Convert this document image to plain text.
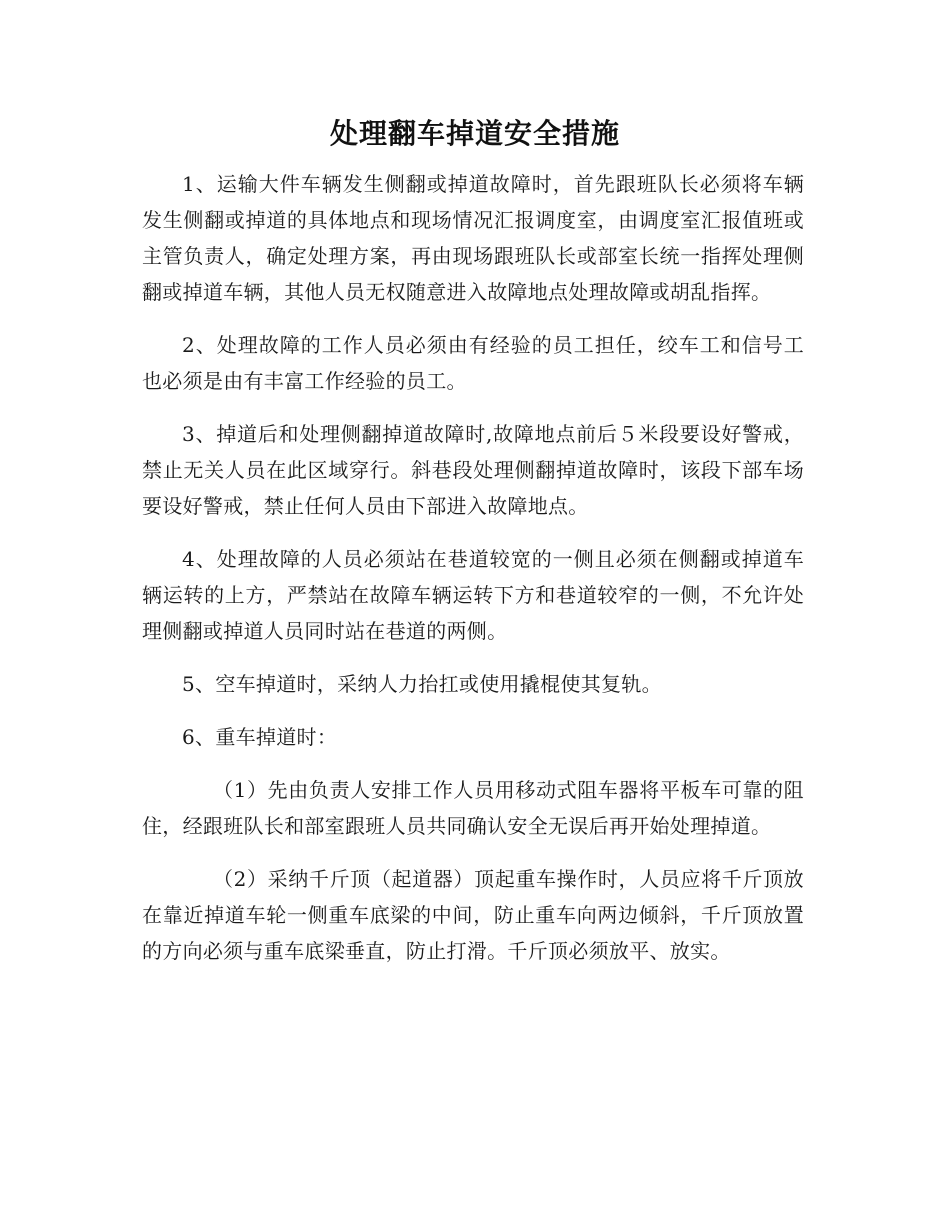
处理翻车掉道安全措施

1、运输大件车辆发生侧翻或掉道故障时，首先跟班队长必须将车辆发生侧翻或掉道的具体地点和现场情况汇报调度室，由调度室汇报值班或主管负责人，确定处理方案，再由现场跟班队长或部室长统一指挥处理侧翻或掉道车辆，其他人员无权随意进入故障地点处理故障或胡乱指挥。

2、处理故障的工作人员必须由有经验的员工担任，绞车工和信号工也必须是由有丰富工作经验的员工。

3、掉道后和处理侧翻掉道故障时,故障地点前后５米段要设好警戒，禁止无关人员在此区域穿行。斜巷段处理侧翻掉道故障时，该段下部车场要设好警戒，禁止任何人员由下部进入故障地点。

4、处理故障的人员必须站在巷道较宽的一侧且必须在侧翻或掉道车辆运转的上方，严禁站在故障车辆运转下方和巷道较窄的一侧，不允许处理侧翻或掉道人员同时站在巷道的两侧。

5、空车掉道时，采纳人力抬扛或使用撬棍使其复轨。

6、重车掉道时：

（1）先由负责人安排工作人员用移动式阻车器将平板车可靠的阻住，经跟班队长和部室跟班人员共同确认安全无误后再开始处理掉道。

（2）采纳千斤顶（起道器）顶起重车操作时，人员应将千斤顶放在靠近掉道车轮一侧重车底梁的中间，防止重车向两边倾斜，千斤顶放置的方向必须与重车底梁垂直，防止打滑。千斤顶必须放平、放实。
